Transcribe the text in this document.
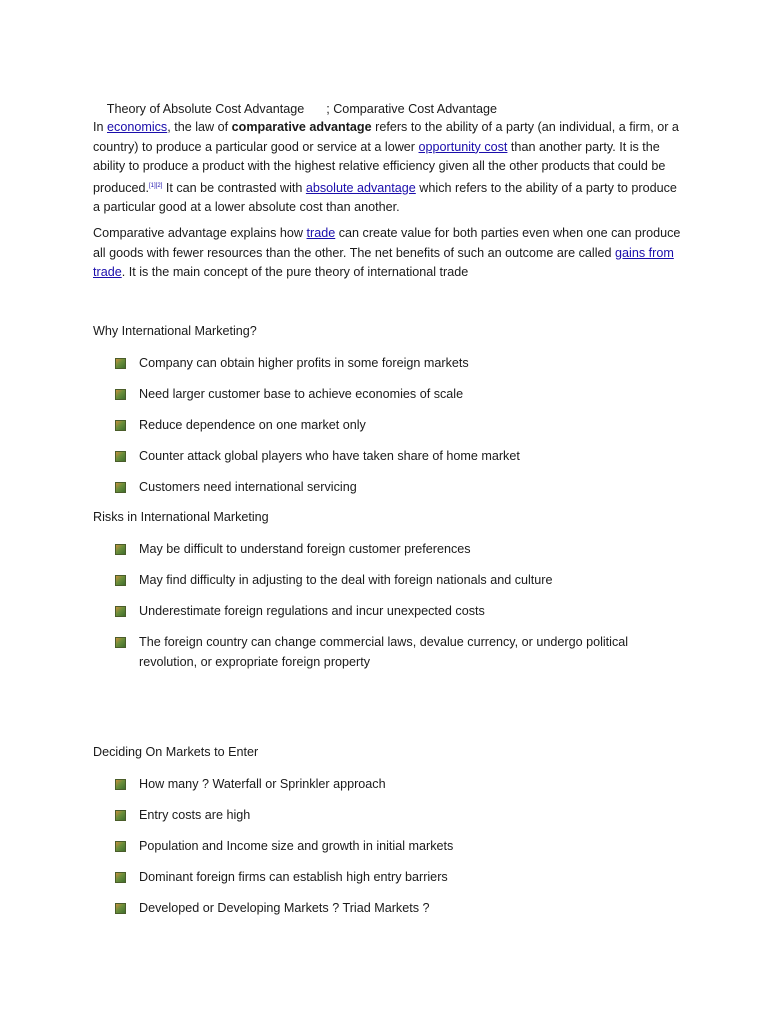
Theory of Absolute Cost Advantage ; Comparative Cost Advantage

In economics, the law of comparative advantage refers to the ability of a party (an individual, a firm, or a country) to produce a particular good or service at a lower opportunity cost than another party. It is the ability to produce a product with the highest relative efficiency given all the other products that could be produced.[1][2] It can be contrasted with absolute advantage which refers to the ability of a party to produce a particular good at a lower absolute cost than another.
Comparative advantage explains how trade can create value for both parties even when one can produce all goods with fewer resources than the other. The net benefits of such an outcome are called gains from trade. It is the main concept of the pure theory of international trade
Why International Marketing?
Company can obtain higher profits in some foreign markets
Need larger customer base to achieve economies of scale
Reduce dependence on one market only
Counter attack global players who have taken share of home market
Customers need international servicing
Risks in International Marketing
May be difficult to understand foreign customer preferences
May find difficulty in adjusting to the deal with foreign nationals and culture
Underestimate foreign regulations and incur unexpected costs
The foreign country can change commercial laws, devalue currency, or undergo political revolution, or expropriate foreign property
Deciding On Markets to Enter
How many ? Waterfall or Sprinkler approach
Entry costs are high
Population and Income size and growth in initial markets
Dominant foreign firms can establish high entry barriers
Developed or Developing Markets ? Triad Markets ?
